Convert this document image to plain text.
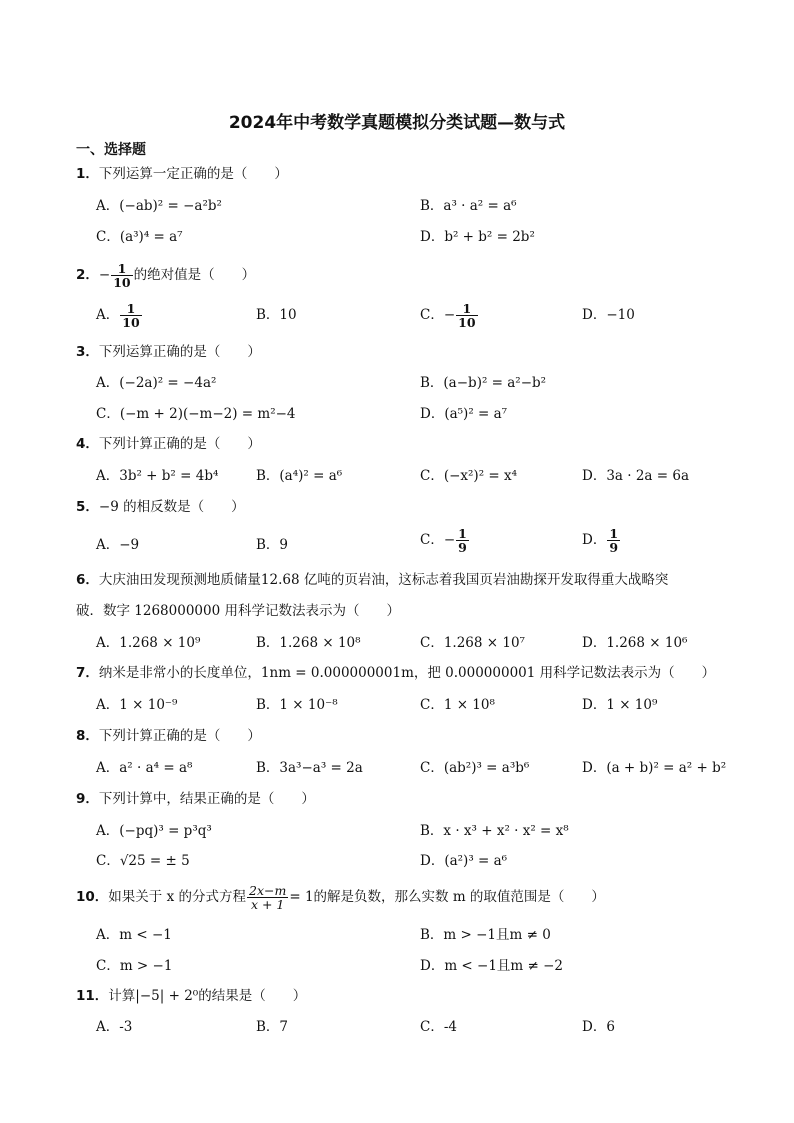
2024年中考数学真题模拟分类试题—数与式
一、选择题
1．下列运算一定正确的是（　　）
A．(−ab)² = −a²b²	B．a³ · a² = a⁶
C．(a³)⁴ = a⁷	D．b² + b² = 2b²
2．− $\frac{1}{10}$ 的绝对值是（　　）
A． $\frac{1}{10}$	B．10	C．− $\frac{1}{10}$	D．−10
3．下列运算正确的是（　　）
A．(−2a)² = −4a²	B．(a−b)² = a²−b²
C．(−m + 2)(−m−2) = m²−4	D．(a⁵)² = a⁷
4．下列计算正确的是（　　）
A．3b² + b² = 4b⁴	B．(a⁴)² = a⁶	C．(−x²)² = x⁴	D．3a · 2a = 6a
5．−9 的相反数是（　　）
A．−9	B．9	C．− $\frac{1}{9}$	D． $\frac{1}{9}$
6．大庆油田发现预测地质储量12.68 亿吨的页岩油，这标志着我国页岩油勘探开发取得重大战略突
破．数字 1268000000 用科学记数法表示为（　　）
A．1.268 × 10⁹	B．1.268 × 10⁸	C．1.268 × 10⁷	D．1.268 × 10⁶
7．纳米是非常小的长度单位，1nm = 0.000000001m，把 0.000000001 用科学记数法表示为（　　）
A．1 × 10⁻⁹	B．1 × 10⁻⁸	C．1 × 10⁸	D．1 × 10⁹
8．下列计算正确的是（　　）
A．a² · a⁴ = a⁸	B．3a³−a³ = 2a	C．(ab²)³ = a³b⁶	D．(a + b)² = a² + b²
9．下列计算中，结果正确的是（　　）
A．(−pq)³ = p³q³	B．x · x³ + x² · x² = x⁸
C．√25 = ± 5	D．(a²)³ = a⁶
10．如果关于 x 的分式方程 $\frac{2x-m}{x + 1} = 1$的解是负数，那么实数 m 的取值范围是（　　）
A．m < −1	B．m > −1且m ≠ 0
C．m > −1	D．m < −1且m ≠ −2
11．计算|−5| + 2⁰的结果是（　　）
A．-3	B．7	C．-4	D．6
